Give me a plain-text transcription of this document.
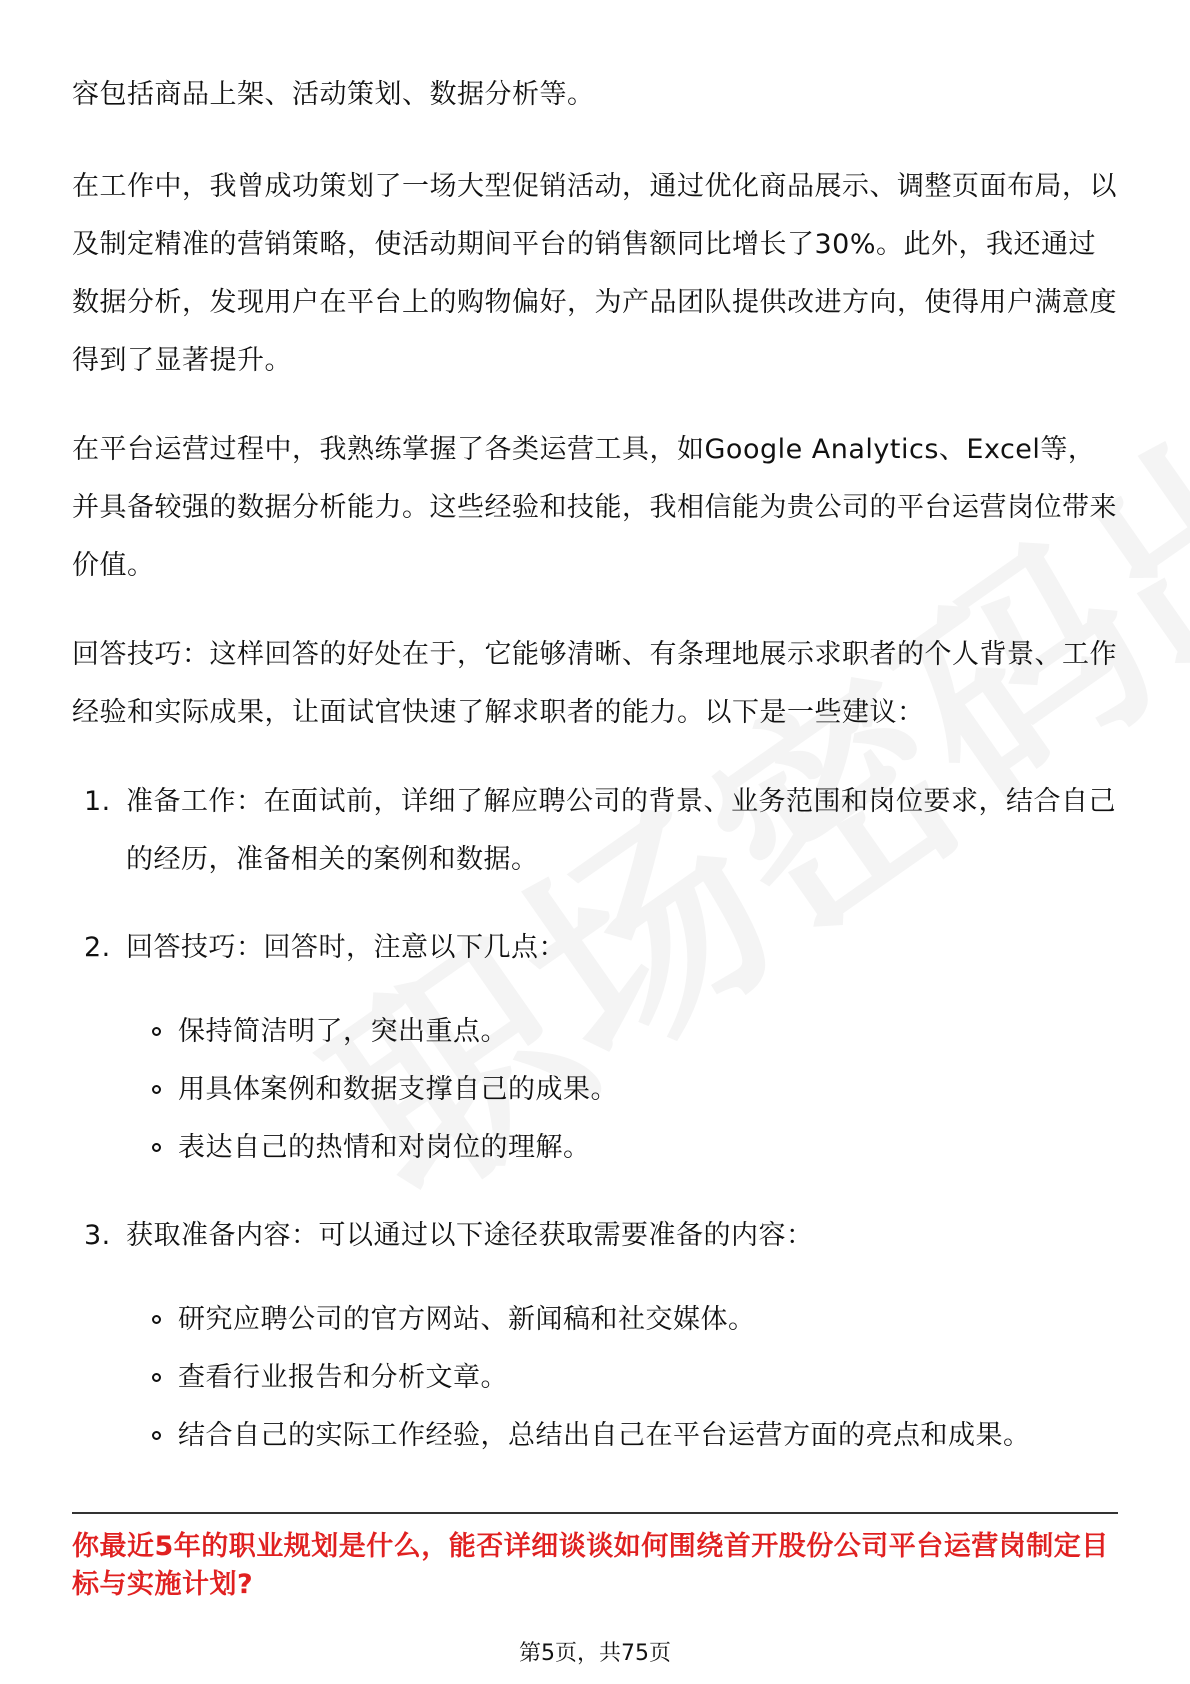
容包括商品上架、活动策划、数据分析等。

在工作中，我曾成功策划了一场大型促销活动，通过优化商品展示、调整页面布局，以及制定精准的营销策略，使活动期间平台的销售额同比增长了30%。此外，我还通过数据分析，发现用户在平台上的购物偏好，为产品团队提供改进方向，使得用户满意度得到了显著提升。

在平台运营过程中，我熟练掌握了各类运营工具，如Google Analytics、Excel等，并具备较强的数据分析能力。这些经验和技能，我相信能为贵公司的平台运营岗位带来价值。

回答技巧：这样回答的好处在于，它能够清晰、有条理地展示求职者的个人背景、工作经验和实际成果，让面试官快速了解求职者的能力。以下是一些建议：

1. 准备工作：在面试前，详细了解应聘公司的背景、业务范围和岗位要求，结合自己的经历，准备相关的案例和数据。
2. 回答技巧：回答时，注意以下几点：
保持简洁明了，突出重点。
用具体案例和数据支撑自己的成果。
表达自己的热情和对岗位的理解。
3. 获取准备内容：可以通过以下途径获取需要准备的内容：
研究应聘公司的官方网站、新闻稿和社交媒体。
查看行业报告和分析文章。
结合自己的实际工作经验，总结出自己在平台运营方面的亮点和成果。
你最近5年的职业规划是什么，能否详细谈谈如何围绕首开股份公司平台运营岗制定目标与实施计划?
第5页，共75页
